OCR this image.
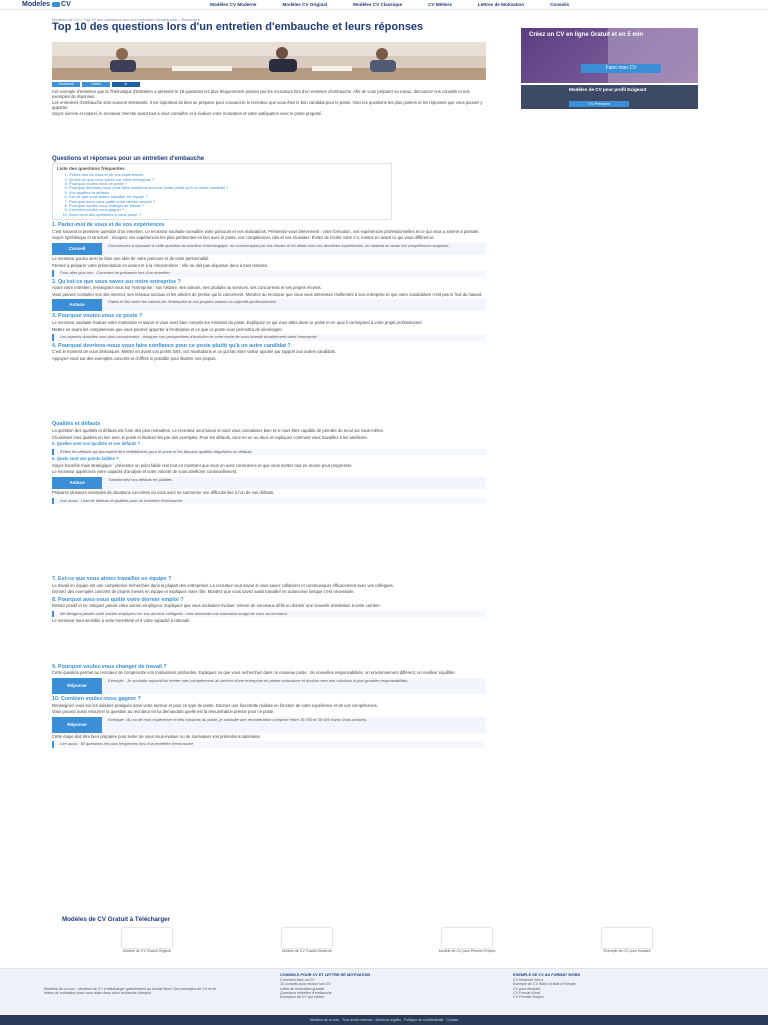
Modeles CV	Modèles CV Moderne	Modèles CV Original	Modèles CV Classique	CV Métiers	Lettres de Motivation	Conseils
Modèles de CV > Top 10 des questions lors d'un entretien d'embauche > Réponses
Top 10 des questions lors d'un entretien d'embauche et leurs réponses
Facebook	Twitter	in
Créez un CV en ligne Gratuit et en 5 min
Faire mon CV
Modèles de CV pour profil Exigeant
CV Premium

Cet exemple d'entretien que la Thématique d'Entretien a présenté le 19 questions les plus fréquemment posées par les recruteurs lors d'un entretien d'embauche. Afin de vous préparer au mieux, découvrez nos conseils et nos exemples de réponses.

Les entretiens d'embauche sont souvent stressants. Il est important de bien se préparer pour convaincre le recruteur que vous êtes le bon candidat pour le poste. Voici les questions les plus posées et les réponses que vous pouvez y apporter.

Soyez sincère et naturel, le recruteur cherche avant tout à vous connaître et à évaluer votre motivation et votre adéquation avec le poste proposé.

Questions et réponses pour un entretien d'embauche
Liste des questions fréquentes
1. Parlez-moi de vous et de vos expériences
2. Qu'est-ce que vous savez sur notre entreprise ?
3. Pourquoi voulez-vous ce poste ?
4. Pourquoi devrions-nous vous faire confiance pour ce poste plutôt qu'à un autre candidat ?
5. Vos qualités et défauts
6. Est-ce que vous aimez travailler en équipe ?
7. Pourquoi avez-vous quitté votre dernier emploi ?
8. Pourquoi voulez-vous changer de travail ?
9. Combien voulez-vous gagner ?
10. Avez-vous des questions à nous poser ?
1. Parlez-moi de vous et de vos expériences

C'est souvent la première question d'un entretien. Le recruteur souhaite connaître votre parcours et vos motivations. Présentez-vous brièvement : votre formation, vos expériences professionnelles et ce qui vous a amené à postuler.

Soyez synthétique et structuré : évoquez vos expériences les plus pertinentes en lien avec le poste, vos compétences clés et vos réussites. Évitez de réciter votre CV, mettez en avant ce qui vous différencie.

Conseil
Commencez à répondre à cette question de manière chronologique, en commençant par vos études et en allant vers vos dernières expériences, en mettant en avant les compétences acquises.

Le recruteur pourra ainsi se faire une idée de votre parcours et de votre personnalité.

Pensez à préparer votre présentation en amont et à la chronométrer : elle ne doit pas dépasser deux à trois minutes.

Pour aller plus loin : Comment se présenter lors d'un entretien
2. Qu'est-ce que vous savez sur notre entreprise ?

Avant votre entretien, renseignez-vous sur l'entreprise : son histoire, ses valeurs, ses produits ou services, ses concurrents et ses projets récents.

Vous pouvez consulter son site internet, ses réseaux sociaux et les articles de presse qui la concernent. Montrez au recruteur que vous vous intéressez réellement à son entreprise et que votre candidature n'est pas le fruit du hasard.

Astuce
Faites le lien entre les valeurs de l'entreprise et vos propres valeurs ou objectifs professionnels.
3. Pourquoi voulez-vous ce poste ?

Le recruteur souhaite évaluer votre motivation et savoir si vous avez bien compris les missions du poste. Expliquez ce qui vous attire dans ce poste et en quoi il correspond à votre projet professionnel.

Mettez en avant les compétences que vous pourrez apporter à l'entreprise et ce que ce poste vous permettra de développer.

Les aspects durables sont plus convaincants : évoquez vos perspectives d'évolution et votre envie de vous investir durablement dans l'entreprise.
4. Pourquoi devrions-nous vous faire confiance pour ce poste plutôt qu'à un autre candidat ?

C'est le moment de vous démarquer. Mettez en avant vos points forts, vos réalisations et ce qui fait votre valeur ajoutée par rapport aux autres candidats.

Appuyez-vous sur des exemples concrets et chiffrés si possible pour illustrer vos propos.

Qualités et défauts

La question des qualités et défauts est l'une des plus redoutées. Le recruteur veut savoir si vous vous connaissez bien et si vous êtes capable de prendre du recul sur vous-même.

Choisissez trois qualités en lien avec le poste et illustrez-les par des exemples. Pour les défauts, citez-en un ou deux et expliquez comment vous travaillez à les améliorer.

5. Quelles sont vos qualités et vos défauts ?

Évitez les défauts qui pourraient être rédhibitoires pour le poste et les fausses qualités déguisées en défauts.

6. Quels sont vos points faibles ?

Soyez honnête mais stratégique : présentez un point faible réel tout en montrant que vous en avez conscience et que vous mettez tout en œuvre pour progresser.

Le recruteur appréciera votre capacité d'analyse et votre volonté de vous améliorer continuellement.

Astuce
Transformez vos défauts en qualités

Préparez plusieurs exemples de situations concrètes où vous avez su surmonter une difficulté liée à l'un de vos défauts.

Voir aussi : Liste de défauts et qualités pour un entretien d'embauche
7. Est-ce que vous aimez travailler en équipe ?

Le travail en équipe est une compétence recherchée dans la plupart des entreprises. Le recruteur veut savoir si vous savez collaborer et communiquer efficacement avec vos collègues.

Donnez des exemples concrets de projets menés en équipe et expliquez votre rôle. Montrez que vous savez aussi travailler en autonomie lorsque c'est nécessaire.

8. Pourquoi avez-vous quitté votre dernier emploi ?

Restez positif et ne critiquez jamais votre ancien employeur. Expliquez que vous souhaitez évoluer, relever de nouveaux défis ou donner une nouvelle orientation à votre carrière.

Ne dénigrez jamais votre ancien employeur ou vos anciens collègues : cela donnerait une mauvaise image de vous au recruteur.

Le recruteur sera sensible à votre honnêteté et à votre capacité à rebondir.

9. Pourquoi voulez-vous changer de travail ?

Cette question permet au recruteur de comprendre vos motivations profondes. Expliquez ce que vous recherchez dans ce nouveau poste : de nouvelles responsabilités, un environnement différent, un meilleur équilibre.

Réponse
Exemple : Je souhaite aujourd'hui mettre mes compétences au service d'une entreprise en pleine croissance et évoluer vers des missions à plus grandes responsabilités.
10. Combien voulez-vous gagner ?

Renseignez-vous sur les salaires pratiqués dans votre secteur et pour ce type de poste. Donnez une fourchette réaliste en fonction de votre expérience et de vos compétences.

Vous pouvez aussi retourner la question au recruteur en lui demandant quelle est la rémunération prévue pour ce poste.

Réponse
Exemple : Au vu de mon expérience et des missions du poste, je souhaite une rémunération comprise entre 35 000 et 38 000 euros bruts annuels.

Cette étape doit être bien préparée pour éviter de vous sous-évaluer ou de surévaluer vos prétentions salariales.

Lire aussi : 50 questions les plus fréquentes lors d'un entretien d'embauche
Modèles de CV Gratuit à Télécharger
Modèle de CV Gratuit Original	Modèle de CV Gratuit Moderne	Modèle de CV pour Premier Emploi	Exemple de CV pour étudiant
Modeles-de-cv.com - Modèles de CV à télécharger gratuitement au format Word. Des exemples de CV et de lettres de motivation pour vous aider dans votre recherche d'emploi.
CONSEILS POUR CV ET LETTRE DE MOTIVATION
Comment faire un CV
10 conseils pour réussir son CV
Lettre de motivation gratuite
Questions entretien d'embauche
Exemples de CV par métier
EXEMPLE DE CV AU FORMAT WORD
CV Moderne Word
Exemple de CV Word Gratuit à Remplir
CV pour étudiant
CV Format Word
CV Premier Emploi
Modeles-de-cv.com - Tous droits réservés - Mentions légales - Politique de confidentialité - Contact
